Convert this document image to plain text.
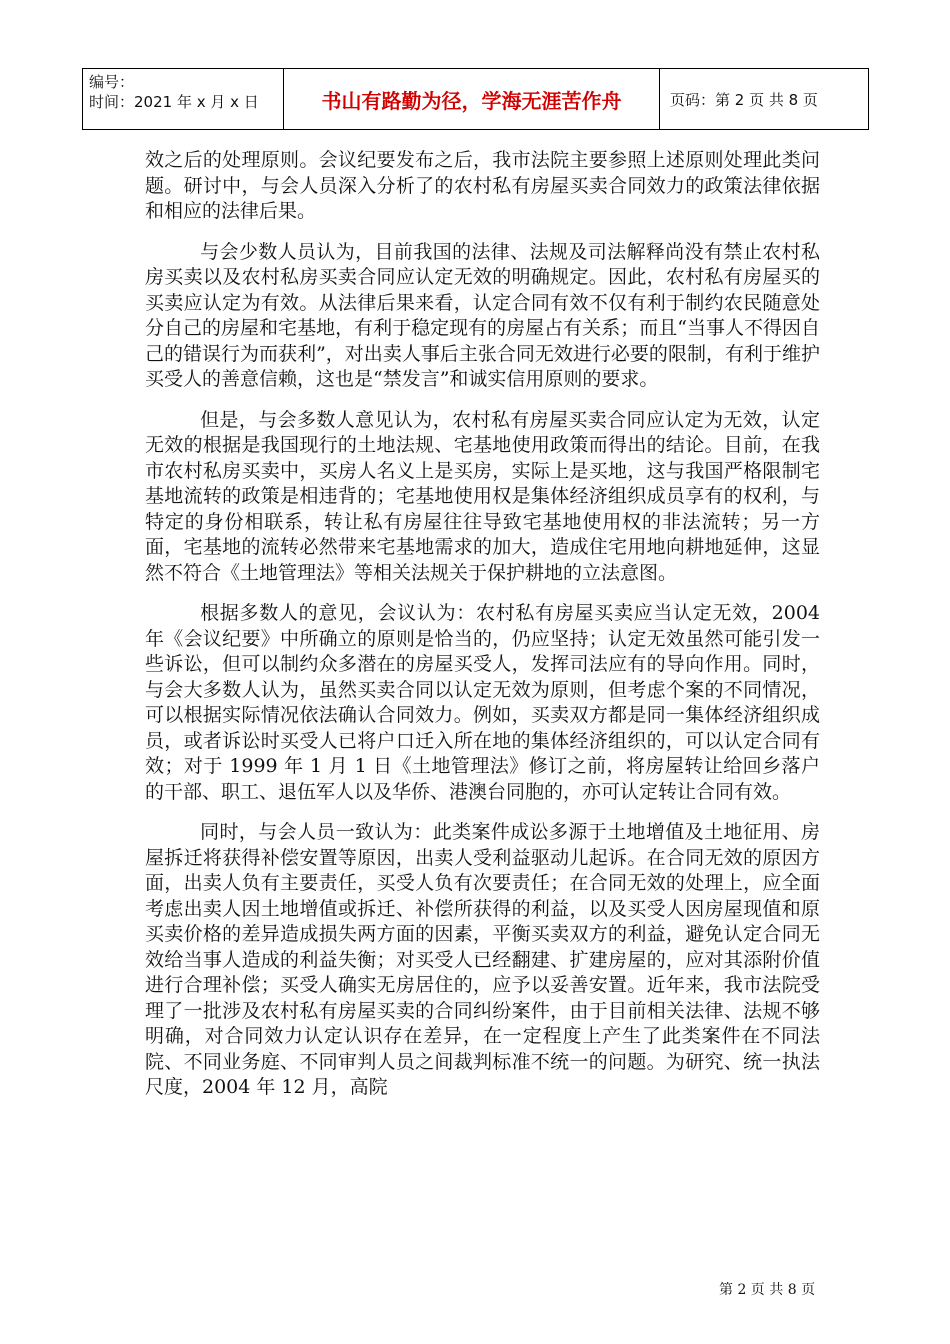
编号：
时间：2021 年 x 月 x 日	书山有路勤为径，学海无涯苦作舟	页码：第 2 页 共 8 页

效之后的处理原则。会议纪要发布之后，我市法院主要参照上述原则处理此类问题。研讨中，与会人员深入分析了的农村私有房屋买卖合同效力的政策法律依据和相应的法律后果。

与会少数人员认为，目前我国的法律、法规及司法解释尚没有禁止农村私房买卖以及农村私房买卖合同应认定无效的明确规定。因此，农村私有房屋买的买卖应认定为有效。从法律后果来看，认定合同有效不仅有利于制约农民随意处分自己的房屋和宅基地，有利于稳定现有的房屋占有关系；而且“当事人不得因自己的错误行为而获利”，对出卖人事后主张合同无效进行必要的限制，有利于维护买受人的善意信赖，这也是“禁发言”和诚实信用原则的要求。

但是，与会多数人意见认为，农村私有房屋买卖合同应认定为无效，认定无效的根据是我国现行的土地法规、宅基地使用政策而得出的结论。目前，在我市农村私房买卖中，买房人名义上是买房，实际上是买地，这与我国严格限制宅基地流转的政策是相违背的；宅基地使用权是集体经济组织成员享有的权利，与特定的身份相联系，转让私有房屋往往导致宅基地使用权的非法流转；另一方面，宅基地的流转必然带来宅基地需求的加大，造成住宅用地向耕地延伸，这显然不符合《土地管理法》等相关法规关于保护耕地的立法意图。

根据多数人的意见，会议认为：农村私有房屋买卖应当认定无效，2004 年《会议纪要》中所确立的原则是恰当的，仍应坚持；认定无效虽然可能引发一些诉讼，但可以制约众多潜在的房屋买受人，发挥司法应有的导向作用。同时，与会大多数人认为，虽然买卖合同以认定无效为原则，但考虑个案的不同情况，可以根据实际情况依法确认合同效力。例如，买卖双方都是同一集体经济组织成员，或者诉讼时买受人已将户口迁入所在地的集体经济组织的，可以认定合同有效；对于 1999 年 1 月 1 日《土地管理法》修订之前，将房屋转让给回乡落户的干部、职工、退伍军人以及华侨、港澳台同胞的，亦可认定转让合同有效。

同时，与会人员一致认为：此类案件成讼多源于土地增值及土地征用、房屋拆迁将获得补偿安置等原因，出卖人受利益驱动儿起诉。在合同无效的原因方面，出卖人负有主要责任，买受人负有次要责任；在合同无效的处理上，应全面考虑出卖人因土地增值或拆迁、补偿所获得的利益，以及买受人因房屋现值和原买卖价格的差异造成损失两方面的因素，平衡买卖双方的利益，避免认定合同无效给当事人造成的利益失衡；对买受人已经翻建、扩建房屋的，应对其添附价值进行合理补偿；买受人确实无房居住的，应予以妥善安置。近年来，我市法院受理了一批涉及农村私有房屋买卖的合同纠纷案件，由于目前相关法律、法规不够明确，对合同效力认定认识存在差异，在一定程度上产生了此类案件在不同法院、不同业务庭、不同审判人员之间裁判标准不统一的问题。为研究、统一执法尺度，2004 年 12 月，高院

第 2 页 共 8 页
